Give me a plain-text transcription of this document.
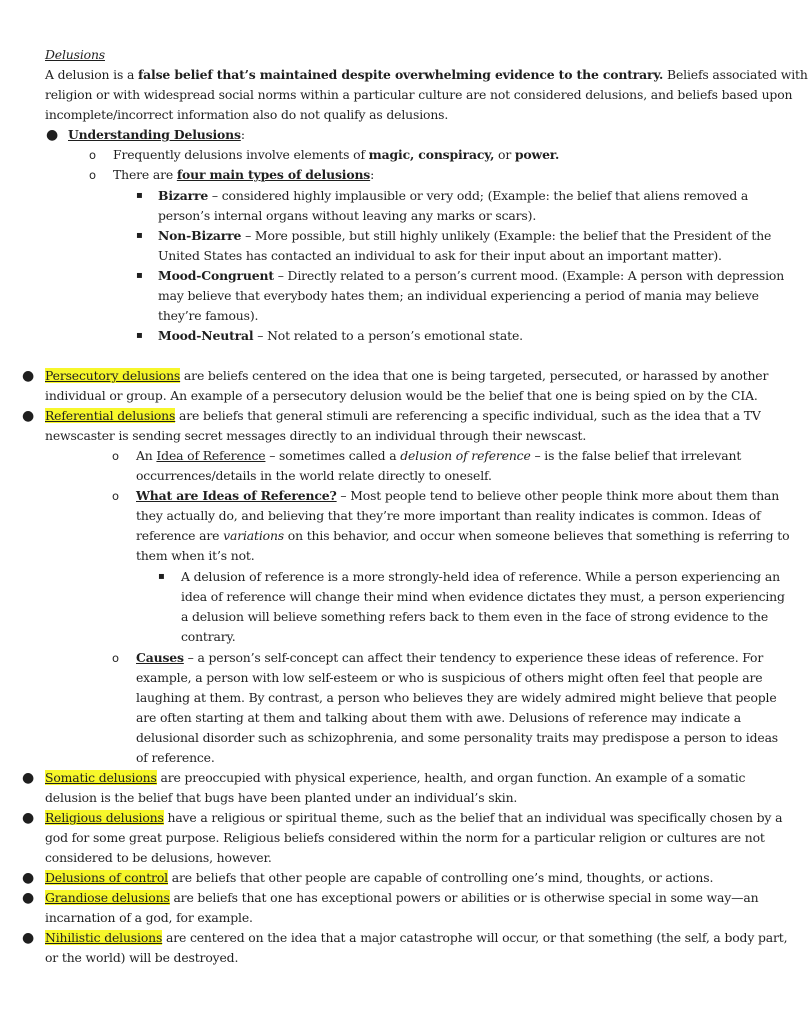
Delusions
A delusion is a false belief that’s maintained despite overwhelming evidence to the contrary. Beliefs associated with
religion or with widespread social norms within a particular culture are not considered delusions, and beliefs based upon
incomplete/incorrect information also do not qualify as delusions.
● Understanding Delusions:
o Frequently delusions involve elements of magic, conspiracy, or power.
o There are four main types of delusions:
▪ Bizarre – considered highly implausible or very odd; (Example: the belief that aliens removed a
person’s internal organs without leaving any marks or scars).
▪ Non-Bizarre – More possible, but still highly unlikely (Example: the belief that the President of the
United States has contacted an individual to ask for their input about an important matter).
▪ Mood-Congruent – Directly related to a person’s current mood. (Example: A person with depression
may believe that everybody hates them; an individual experiencing a period of mania may believe
they’re famous).
▪ Mood-Neutral – Not related to a person’s emotional state.
● Persecutory delusions are beliefs centered on the idea that one is being targeted, persecuted, or harassed by another
individual or group. An example of a persecutory delusion would be the belief that one is being spied on by the CIA.
● Referential delusions are beliefs that general stimuli are referencing a specific individual, such as the idea that a TV
newscaster is sending secret messages directly to an individual through their newscast.
o An Idea of Reference – sometimes called a delusion of reference – is the false belief that irrelevant
occurrences/details in the world relate directly to oneself.
o What are Ideas of Reference? – Most people tend to believe other people think more about them than
they actually do, and believing that they’re more important than reality indicates is common. Ideas of
reference are variations on this behavior, and occur when someone believes that something is referring to
them when it’s not.
▪ A delusion of reference is a more strongly-held idea of reference. While a person experiencing an
idea of reference will change their mind when evidence dictates they must, a person experiencing
a delusion will believe something refers back to them even in the face of strong evidence to the
contrary.
o Causes – a person’s self-concept can affect their tendency to experience these ideas of reference. For
example, a person with low self-esteem or who is suspicious of others might often feel that people are
laughing at them. By contrast, a person who believes they are widely admired might believe that people
are often starting at them and talking about them with awe. Delusions of reference may indicate a
delusional disorder such as schizophrenia, and some personality traits may predispose a person to ideas
of reference.
● Somatic delusions are preoccupied with physical experience, health, and organ function. An example of a somatic
delusion is the belief that bugs have been planted under an individual’s skin.
● Religious delusions have a religious or spiritual theme, such as the belief that an individual was specifically chosen by a
god for some great purpose. Religious beliefs considered within the norm for a particular religion or cultures are not
considered to be delusions, however.
● Delusions of control are beliefs that other people are capable of controlling one’s mind, thoughts, or actions.
● Grandiose delusions are beliefs that one has exceptional powers or abilities or is otherwise special in some way—an
incarnation of a god, for example.
● Nihilistic delusions are centered on the idea that a major catastrophe will occur, or that something (the self, a body part,
or the world) will be destroyed.
